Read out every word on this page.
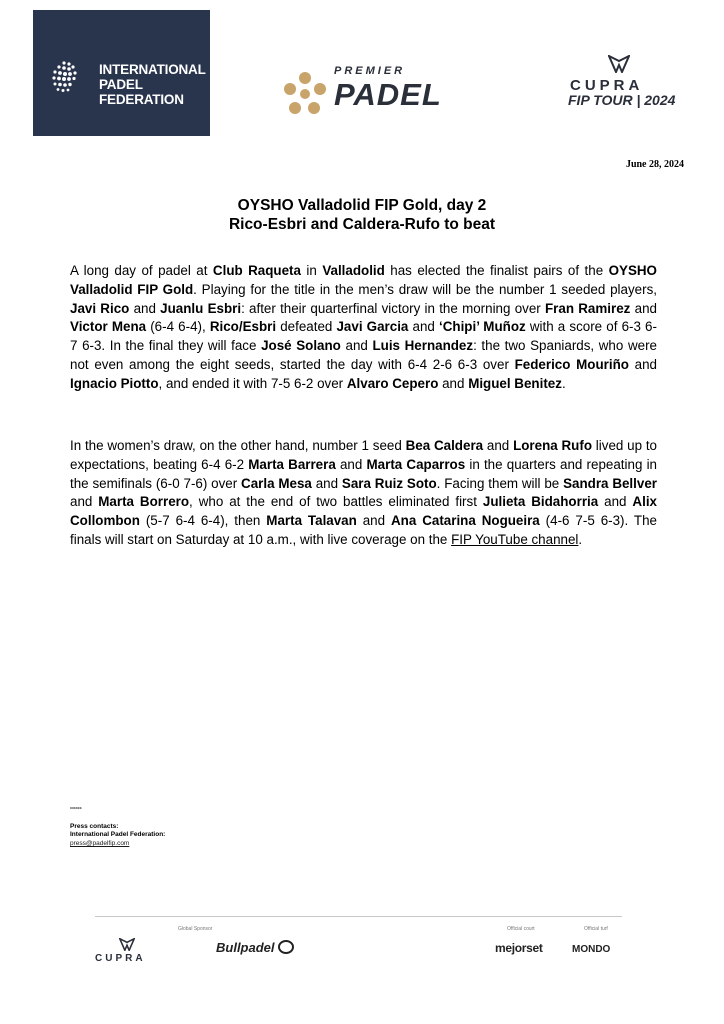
INTERNATIONAL
PADEL
FEDERATION
PREMIER
PADEL	CUPRA
FIP TOUR | 2024
June 28, 2024
OYSHO Valladolid FIP Gold, day 2
Rico-Esbri and Caldera-Rufo to beat
A long day of padel at Club Raqueta in Valladolid has elected the finalist pairs of the OYSHO Valladolid FIP Gold. Playing for the title in the men’s draw will be the number 1 seeded players, Javi Rico and Juanlu Esbri: after their quarterfinal victory in the morning over Fran Ramirez and Victor Mena (6-4 6-4), Rico/Esbri defeated Javi Garcia and ‘Chipi’ Muñoz with a score of 6-3 6-7 6-3. In the final they will face José Solano and Luis Hernandez: the two Spaniards, who were not even among the eight seeds, started the day with 6-4 2-6 6-3 over Federico Mouriño and Ignacio Piotto, and ended it with 7-5 6-2 over Alvaro Cepero and Miguel Benitez.
In the women’s draw, on the other hand, number 1 seed Bea Caldera and Lorena Rufo lived up to expectations, beating 6-4 6-2 Marta Barrera and Marta Caparros in the quarters and repeating in the semifinals (6-0 7-6) over Carla Mesa and Sara Ruiz Soto. Facing them will be Sandra Bellver and Marta Borrero, who at the end of two battles eliminated first Julieta Bidahorria and Alix Collombon (5-7 6-4 6-4), then Marta Talavan and Ana Catarina Nogueira (4-6 7-5 6-3). The finals will start on Saturday at 10 a.m., with live coverage on the FIP YouTube channel.
******
Press contacts:
International Padel Federation:
press@padelfip.com
CUPRA
Global Sponsor
Bullpadel
Official court
mejorset
Official turf
MONDO
